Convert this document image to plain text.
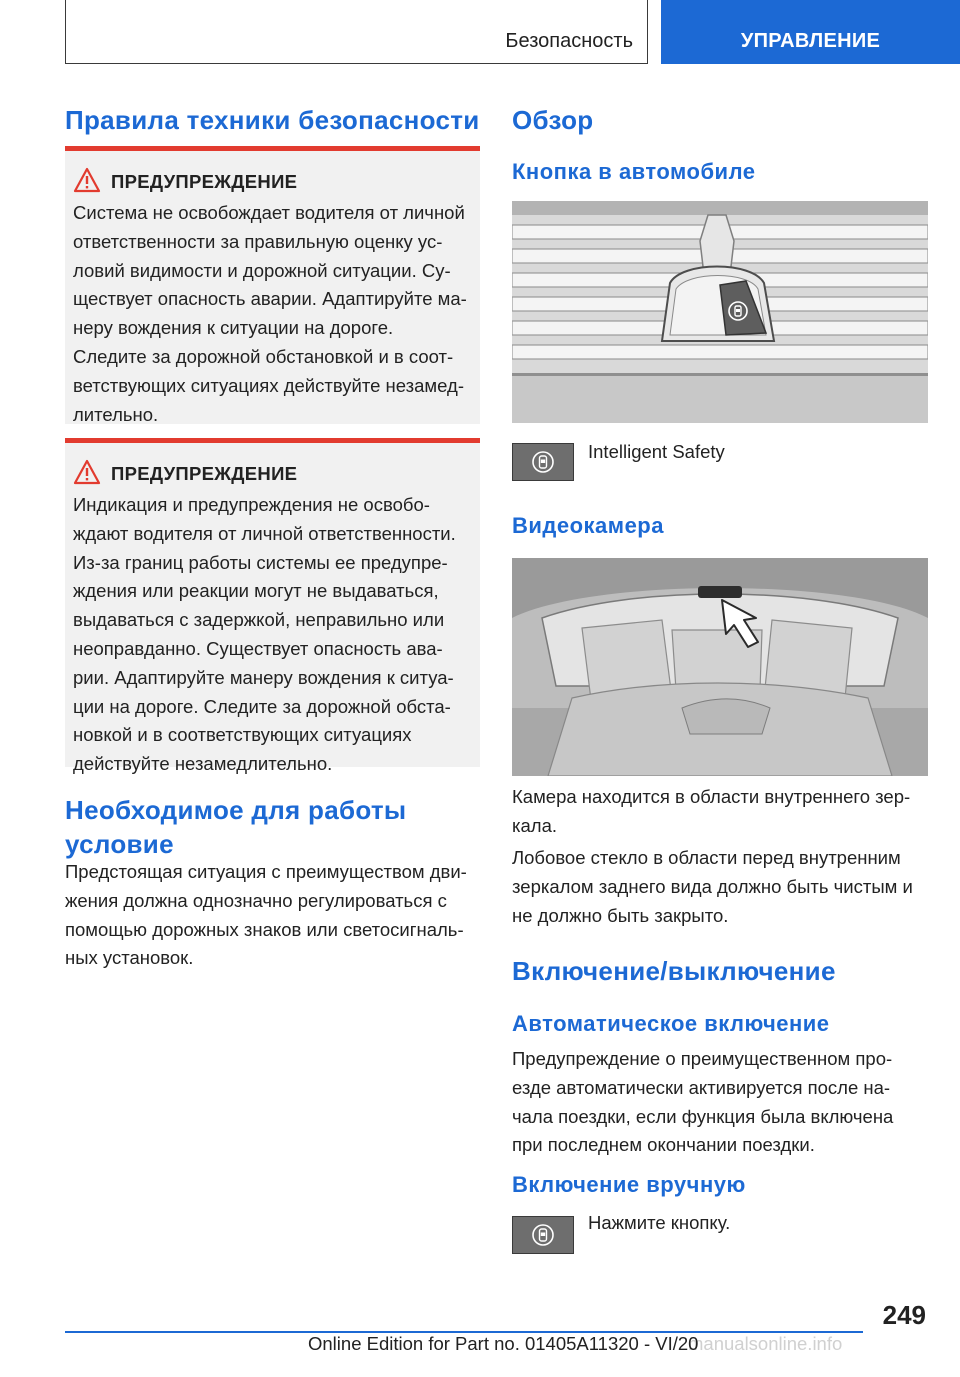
Безопасность	УПРАВЛЕНИЕ
Правила техники безопасности
ПРЕДУПРЕЖДЕНИЕ
Система не освобождает водителя от личной
ответственности за правильную оценку ус-
ловий видимости и дорожной ситуации. Су-
ществует опасность аварии. Адаптируйте ма-
неру вождения к ситуации на дороге.
Следите за дорожной обстановкой и в соот-
ветствующих ситуациях действуйте незамед-
лительно.
ПРЕДУПРЕЖДЕНИЕ
Индикация и предупреждения не освобо-
ждают водителя от личной ответственности.
Из-за границ работы системы ее предупре-
ждения или реакции могут не выдаваться,
выдаваться с задержкой, неправильно или
неоправданно. Существует опасность ава-
рии. Адаптируйте манеру вождения к ситуа-
ции на дороге. Следите за дорожной обста-
новкой и в соответствующих ситуациях
действуйте незамедлительно.
Необходимое для работы
условие
Предстоящая ситуация с преимуществом дви-
жения должна однозначно регулироваться с
помощью дорожных знаков или светосигналь-
ных установок.
Обзор
Кнопка в автомобиле
Intelligent Safety
Видеокамера
Камера находится в области внутреннего зер-
кала.
Лобовое стекло в области перед внутренним
зеркалом заднего вида должно быть чистым и
не должно быть закрыто.
Включение/выключение
Автоматическое включение
Предупреждение о преимущественном про-
езде автоматически активируется после на-
чала поездки, если функция была включена
при последнем окончании поездки.
Включение вручную
Нажмите кнопку.
249
manualsonline.info
Online Edition for Part no. 01405A11320 - VI/20
